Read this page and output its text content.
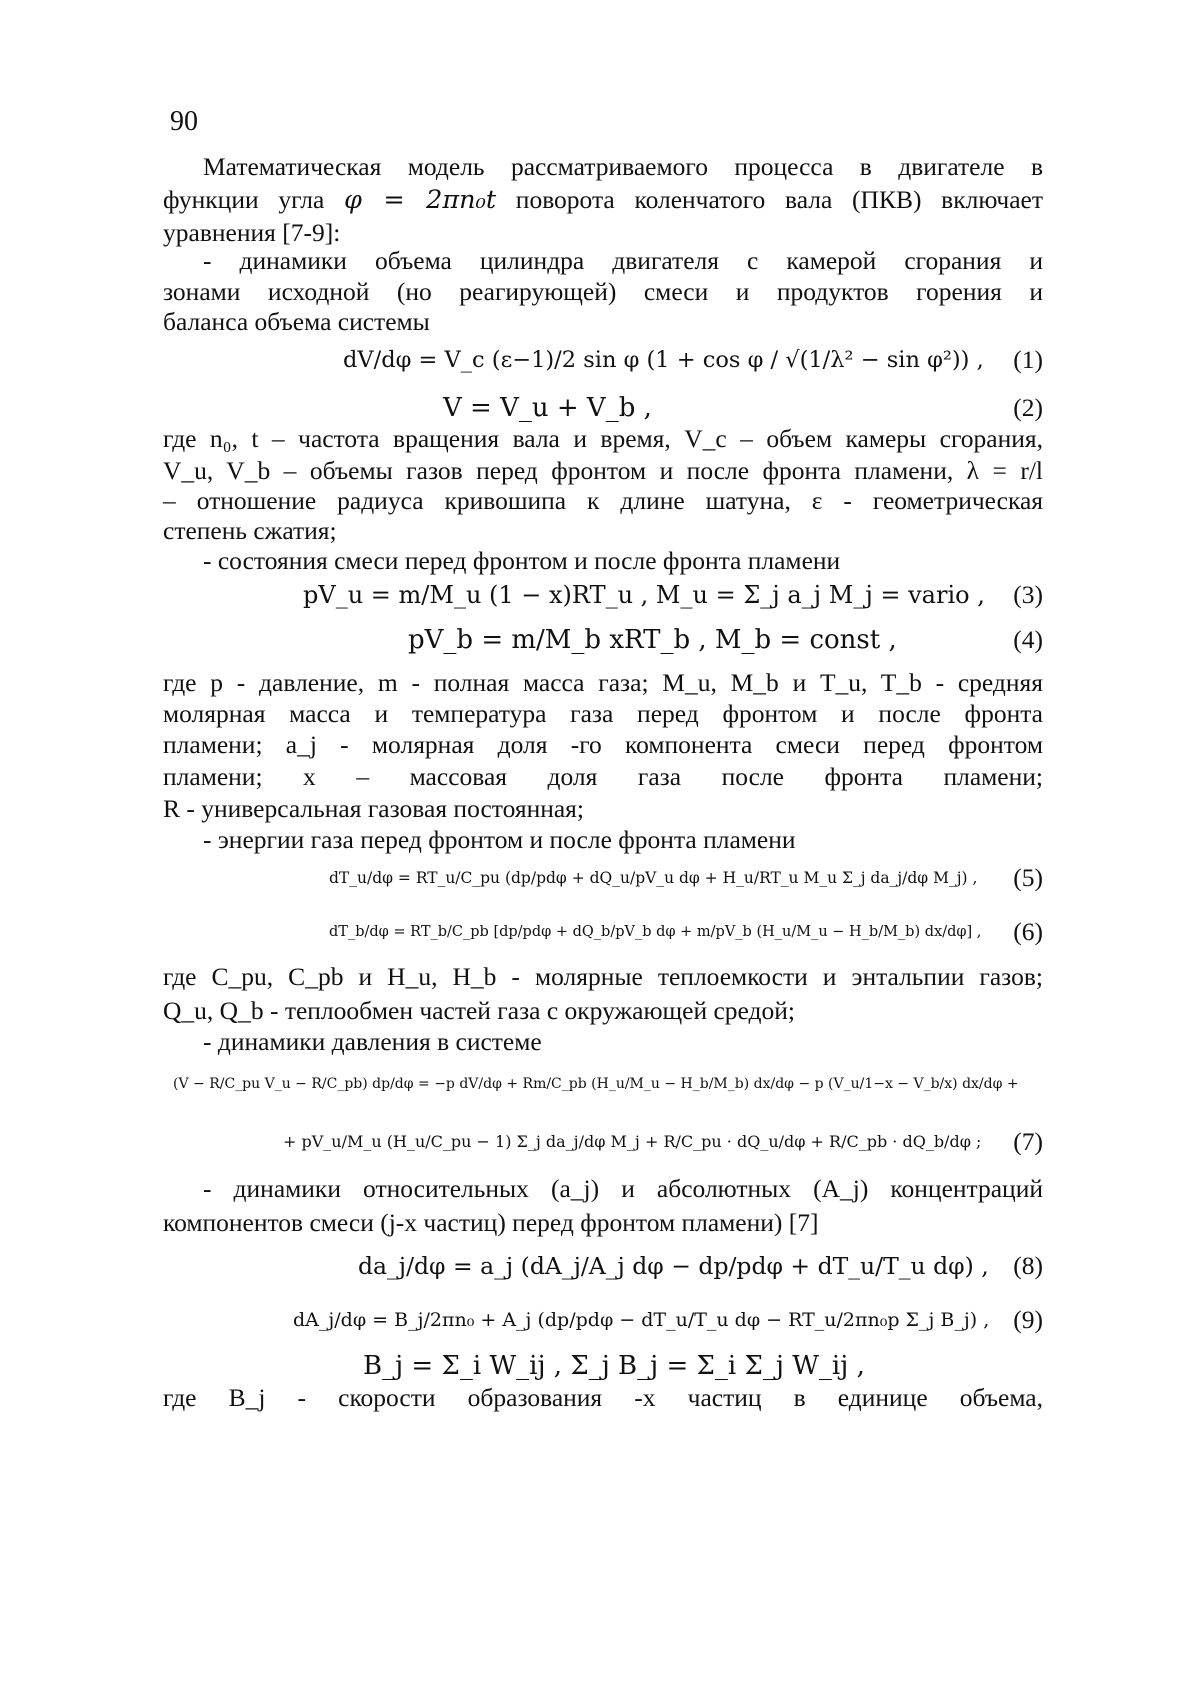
90
Математическая модель рассматриваемого процесса в двигателе в
функции угла φ = 2πn₀t поворота коленчатого вала (ПКВ) включает
уравнения [7-9]:
- динамики объема цилиндра двигателя с камерой сгорания и
зонами исходной (но реагирующей) смеси и продуктов горения и
баланса объема системы
dV/dφ = V_c (ε−1)/2 sin φ (1 + cos φ / √(1/λ² − sin φ²)) , (1)
V = V_u + V_b ,	(2)
где n₀, t – частота вращения вала и время, V_c – объем камеры сгорания,
V_u, V_b – объемы газов перед фронтом и после фронта пламени, λ = r/l
– отношение радиуса кривошипа к длине шатуна, ε - геометрическая
степень сжатия;
- состояния смеси перед фронтом и после фронта пламени
pV_u = m/M_u (1 − x)RT_u , M_u = Σ_j a_j M_j = vario , (3)
pV_b = m/M_b xRT_b , M_b = const ,	(4)
где p - давление, m - полная масса газа; M_u, M_b и T_u, T_b - средняя
молярная масса и температура газа перед фронтом и после фронта
пламени; a_j - молярная доля -го компонента смеси перед фронтом
пламени; x – массовая доля газа после фронта пламени;
R - универсальная газовая постоянная;
- энергии газа перед фронтом и после фронта пламени
dT_u/dφ = RT_u/C_pu (dp/pdφ + dQ_u/pV_u dφ + H_u/RT_u M_u Σ_j da_j/dφ M_j) , (5)
dT_b/dφ = RT_b/C_pb [dp/pdφ + dQ_b/pV_b dφ + m/pV_b (H_u/M_u − H_b/M_b) dx/dφ] , (6)
где C_pu, C_pb и H_u, H_b - молярные теплоемкости и энтальпии газов;
Q_u, Q_b - теплообмен частей газа с окружающей средой;
- динамики давления в системе
(V − R/C_pu V_u − R/C_pb) dp/dφ = −p dV/dφ + Rm/C_pb (H_u/M_u − H_b/M_b) dx/dφ − p (V_u/1−x − V_b/x) dx/dφ +
+ pV_u/M_u (H_u/C_pu − 1) Σ_j da_j/dφ M_j + R/C_pu · dQ_u/dφ + R/C_pb · dQ_b/dφ ; (7)
- динамики относительных (a_j) и абсолютных (A_j) концентраций
компонентов смеси (j-х частиц) перед фронтом пламени) [7]
da_j/dφ = a_j (dA_j/A_j dφ − dp/pdφ + dT_u/T_u dφ) , (8)
dA_j/dφ = B_j/2πn₀ + A_j (dp/pdφ − dT_u/T_u dφ − RT_u/2πn₀p Σ_j B_j) , (9)
B_j = Σ_i W_ij , Σ_j B_j = Σ_i Σ_j W_ij ,
где B_j - скорости образования -х частиц в единице объема,
